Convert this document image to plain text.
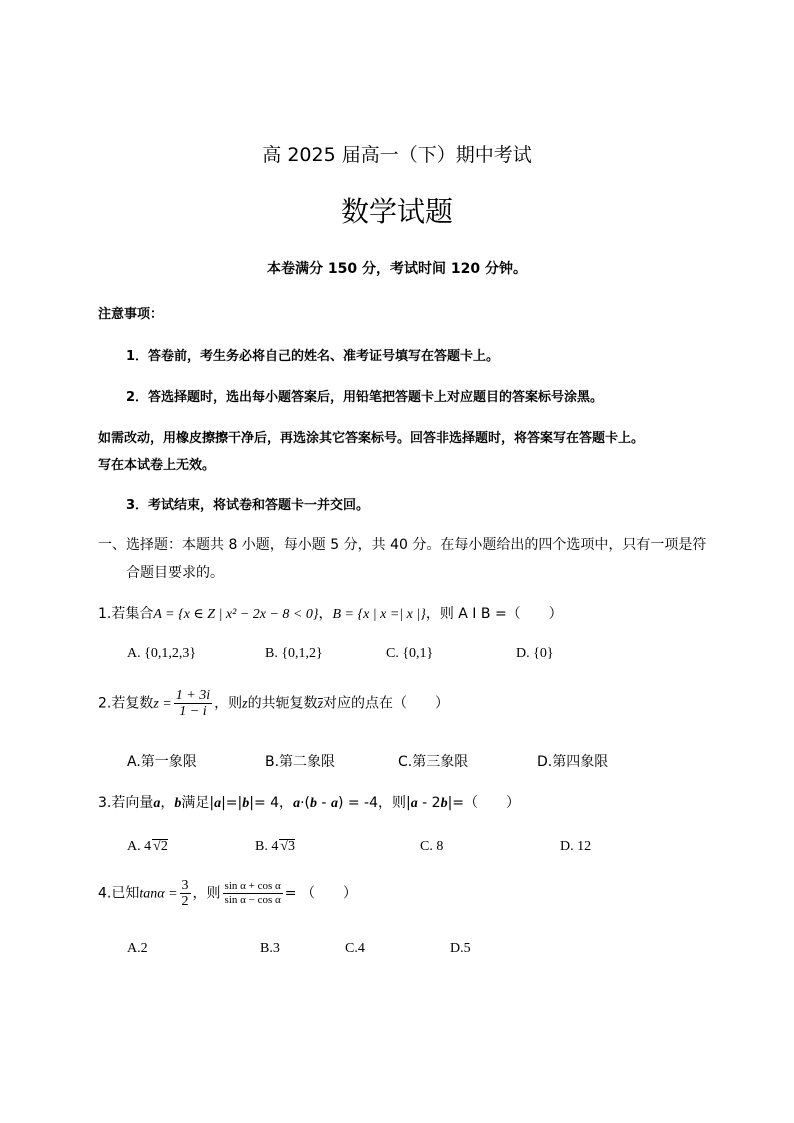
高 2025 届高一（下）期中考试
数学试题
本卷满分 150 分，考试时间 120 分钟。
注意事项：
1．答卷前，考生务必将自己的姓名、准考证号填写在答题卡上。
2．答选择题时，选出每小题答案后，用铅笔把答题卡上对应题目的答案标号涂黑。
如需改动，用橡皮擦擦干净后，再选涂其它答案标号。回答非选择题时，将答案写在答题卡上。
写在本试卷上无效。
3．考试结束，将试卷和答题卡一并交回。
一、选择题：本题共 8 小题，每小题 5 分，共 40 分。在每小题给出的四个选项中，只有一项是符
合题目要求的。
1.若集合A = {x ∈ Z | x² − 2x − 8 < 0}，B = {x | x =| x |}，则 A I B =（　　）
A. {0,1,2,3}	B. {0,1,2}	C. {0,1}	D. {0}
2.若复数$z = \frac{1 + 3i}{1 - i}$ ，则z的共轭复数z对应的点在（　　）
A.第一象限	B.第二象限	C.第三象限	D.第四象限
3.若向量a，b满足|a|=|b|= 4，a·(b - a) = -4，则|a - 2b|=（　　）
A. 4 √2	B. 4 √3	C. 8	D. 12
4.已知$\tan\alpha = \frac{3}{2}$ ，则 $\frac{\text{sin α + cos α}}{\text{sin α − cos α}}$ = （　　）
A.2	B.3	C.4	D.5
